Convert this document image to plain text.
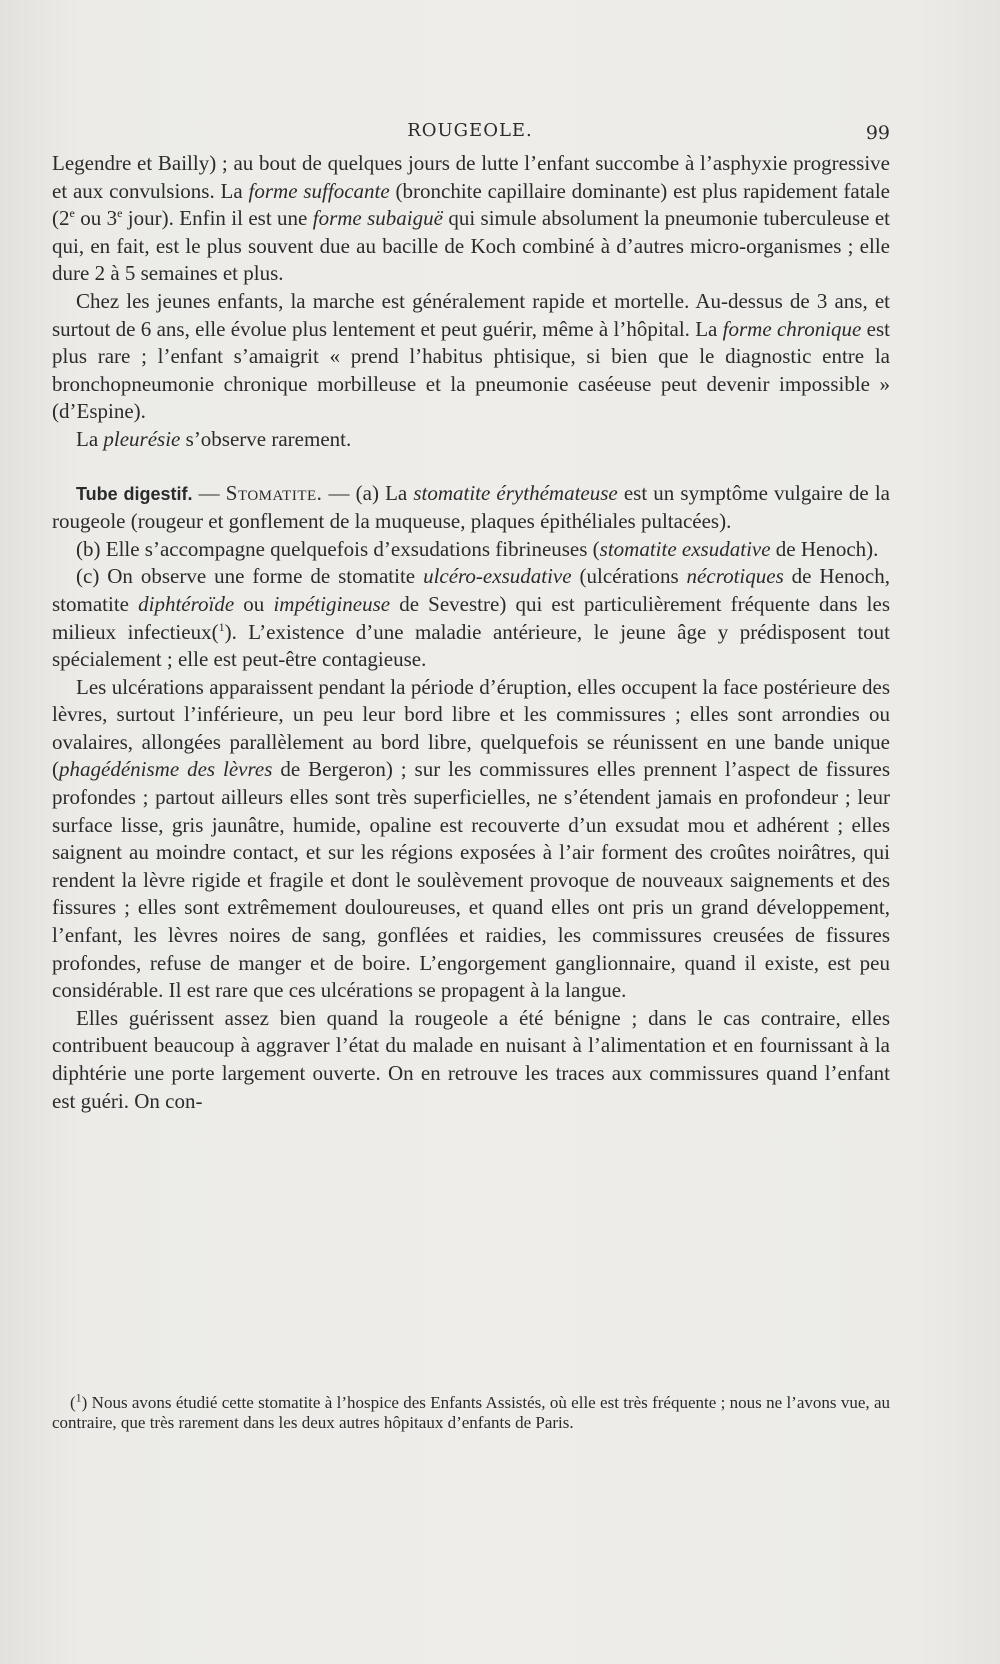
ROUGEOLE.	99

Legendre et Bailly) ; au bout de quelques jours de lutte l’enfant succombe à l’asphyxie progressive et aux convulsions. La forme suffocante (bronchite capillaire dominante) est plus rapidement fatale (2e ou 3e jour). Enfin il est une forme subaiguë qui simule absolument la pneumonie tuberculeuse et qui, en fait, est le plus souvent due au bacille de Koch combiné à d’autres micro-organismes ; elle dure 2 à 5 semaines et plus.

Chez les jeunes enfants, la marche est généralement rapide et mortelle. Au-dessus de 3 ans, et surtout de 6 ans, elle évolue plus lentement et peut guérir, même à l’hôpital. La forme chronique est plus rare ; l’enfant s’amaigrit « prend l’habitus phtisique, si bien que le diagnostic entre la bronchopneumonie chronique morbilleuse et la pneumonie caséeuse peut devenir impossible » (d’Espine).

La pleurésie s’observe rarement.

Tube digestif. — Stomatite. — (a) La stomatite érythémateuse est un symptôme vulgaire de la rougeole (rougeur et gonflement de la muqueuse, plaques épithéliales pultacées).

(b) Elle s’accompagne quelquefois d’exsudations fibrineuses (stomatite exsudative de Henoch).

(c) On observe une forme de stomatite ulcéro-exsudative (ulcérations nécrotiques de Henoch, stomatite diphtéroïde ou impétigineuse de Sevestre) qui est particulièrement fréquente dans les milieux infectieux($^1$). L’existence d’une maladie antérieure, le jeune âge y prédisposent tout spécialement ; elle est peut-être contagieuse.

Les ulcérations apparaissent pendant la période d’éruption, elles occupent la face postérieure des lèvres, surtout l’inférieure, un peu leur bord libre et les commissures ; elles sont arrondies ou ovalaires, allongées parallèlement au bord libre, quelquefois se réunissent en une bande unique (phagédénisme des lèvres de Bergeron) ; sur les commissures elles prennent l’aspect de fissures profondes ; partout ailleurs elles sont très superficielles, ne s’étendent jamais en profondeur ; leur surface lisse, gris jaunâtre, humide, opaline est recouverte d’un exsudat mou et adhérent ; elles saignent au moindre contact, et sur les régions exposées à l’air forment des croûtes noirâtres, qui rendent la lèvre rigide et fragile et dont le soulèvement provoque de nouveaux saignements et des fissures ; elles sont extrêmement douloureuses, et quand elles ont pris un grand développement, l’enfant, les lèvres noires de sang, gonflées et raidies, les commissures creusées de fissures profondes, refuse de manger et de boire. L’engorgement ganglionnaire, quand il existe, est peu considérable. Il est rare que ces ulcérations se propagent à la langue.

Elles guérissent assez bien quand la rougeole a été bénigne ; dans le cas contraire, elles contribuent beaucoup à aggraver l’état du malade en nuisant à l’alimentation et en fournissant à la diphtérie une porte largement ouverte. On en retrouve les traces aux commissures quand l’enfant est guéri. On con-

($^1$) Nous avons étudié cette stomatite à l’hospice des Enfants Assistés, où elle est très fréquente ; nous ne l’avons vue, au contraire, que très rarement dans les deux autres hôpitaux d’enfants de Paris.
